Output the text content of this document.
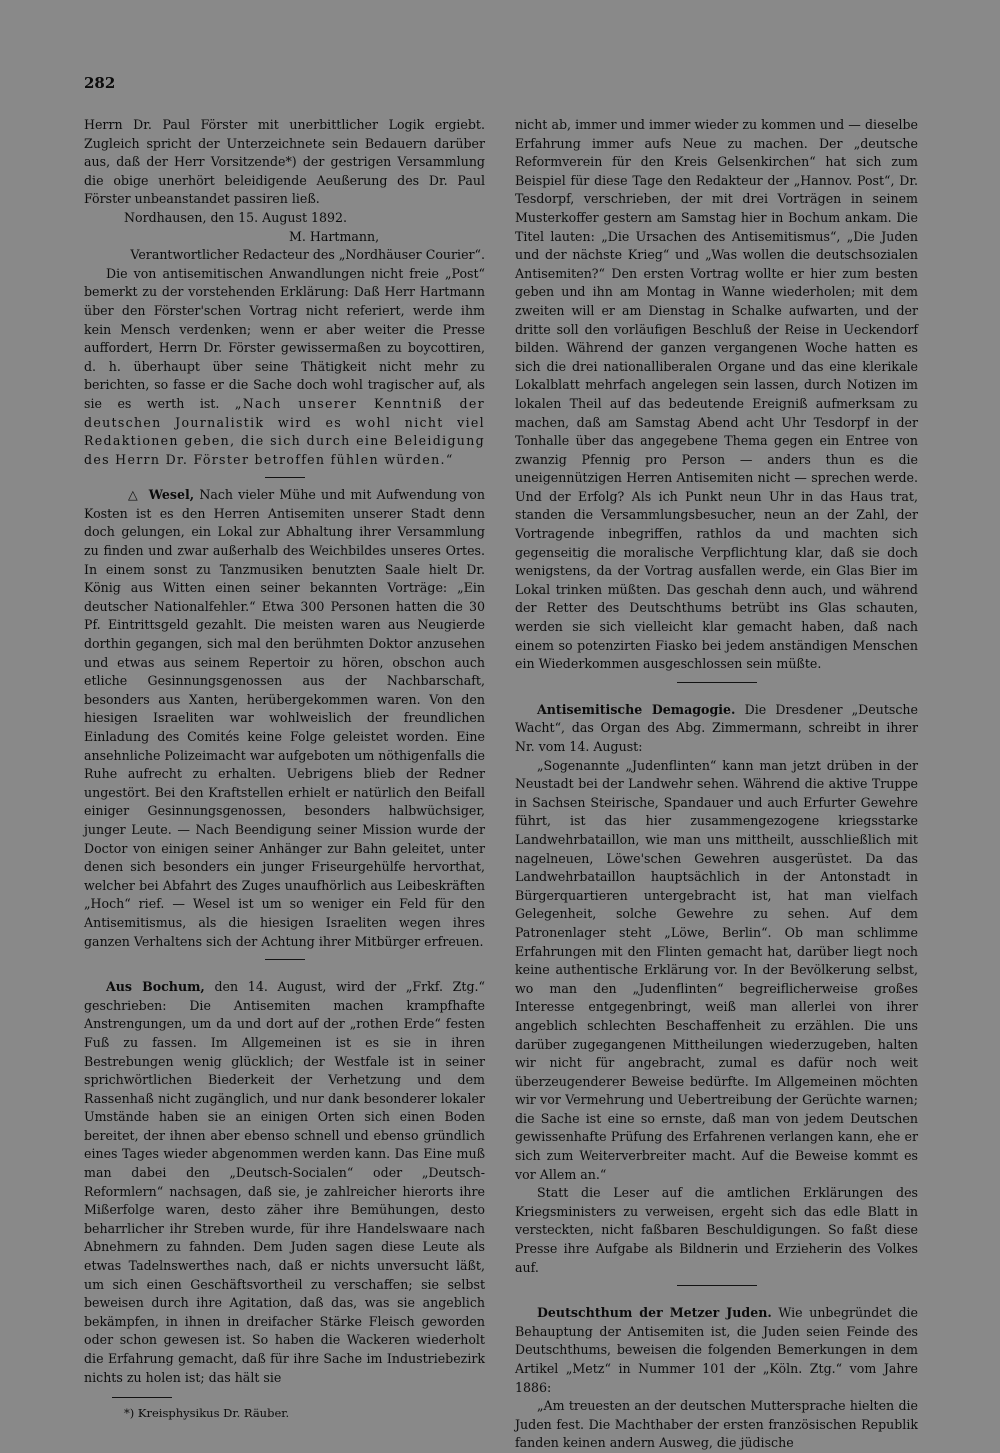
282

Herrn Dr. Paul Förster mit unerbittlicher Logik ergiebt. Zugleich spricht der Unterzeichnete sein Bedauern darüber aus, daß der Herr Vorsitzende*) der gestrigen Versammlung die obige unerhört beleidigende Aeußerung des Dr. Paul Förster unbeanstandet passiren ließ.

Nordhausen, den 15. August 1892.

M. Hartmann,

Verantwortlicher Redacteur des „Nordhäuser Courier“.

Die von antisemitischen Anwandlungen nicht freie „Post“ bemerkt zu der vorstehenden Erklärung: Daß Herr Hartmann über den Förster'schen Vortrag nicht referiert, werde ihm kein Mensch verdenken; wenn er aber weiter die Presse auffordert, Herrn Dr. Förster gewissermaßen zu boycottiren, d. h. überhaupt über seine Thätigkeit nicht mehr zu berichten, so fasse er die Sache doch wohl tragischer auf, als sie es werth ist. „Nach unserer Kenntniß der deutschen Journalistik wird es wohl nicht viel Redaktionen geben, die sich durch eine Beleidigung des Herrn Dr. Förster betroffen fühlen würden.“

△ Wesel, Nach vieler Mühe und mit Aufwendung von Kosten ist es den Herren Antisemiten unserer Stadt denn doch gelungen, ein Lokal zur Abhaltung ihrer Versammlung zu finden und zwar außerhalb des Weichbildes unseres Ortes. In einem sonst zu Tanzmusiken benutzten Saale hielt Dr. König aus Witten einen seiner bekannten Vorträge: „Ein deutscher Nationalfehler.“ Etwa 300 Personen hatten die 30 Pf. Eintrittsgeld gezahlt. Die meisten waren aus Neugierde dorthin gegangen, sich mal den berühmten Doktor anzusehen und etwas aus seinem Repertoir zu hören, obschon auch etliche Gesinnungsgenossen aus der Nachbarschaft, besonders aus Xanten, herübergekommen waren. Von den hiesigen Israeliten war wohlweislich der freundlichen Einladung des Comités keine Folge geleistet worden. Eine ansehnliche Polizeimacht war aufgeboten um nöthigenfalls die Ruhe aufrecht zu erhalten. Uebrigens blieb der Redner ungestört. Bei den Kraftstellen erhielt er natürlich den Beifall einiger Gesinnungsgenossen, besonders halbwüchsiger, junger Leute. — Nach Beendigung seiner Mission wurde der Doctor von einigen seiner Anhänger zur Bahn geleitet, unter denen sich besonders ein junger Friseurgehülfe hervorthat, welcher bei Abfahrt des Zuges unaufhörlich aus Leibeskräften „Hoch“ rief. — Wesel ist um so weniger ein Feld für den Antisemitismus, als die hiesigen Israeliten wegen ihres ganzen Verhaltens sich der Achtung ihrer Mitbürger erfreuen.

Aus Bochum, den 14. August, wird der „Frkf. Ztg.“ geschrieben: Die Antisemiten machen krampfhafte Anstrengungen, um da und dort auf der „rothen Erde“ festen Fuß zu fassen. Im Allgemeinen ist es sie in ihren Bestrebungen wenig glücklich; der Westfale ist in seiner sprichwörtlichen Biederkeit der Verhetzung und dem Rassenhaß nicht zugänglich, und nur dank besonderer lokaler Umstände haben sie an einigen Orten sich einen Boden bereitet, der ihnen aber ebenso schnell und ebenso gründlich eines Tages wieder abgenommen werden kann. Das Eine muß man dabei den „Deutsch-Socialen“ oder „Deutsch-Reformlern“ nachsagen, daß sie, je zahlreicher hierorts ihre Mißerfolge waren, desto zäher ihre Bemühungen, desto beharrlicher ihr Streben wurde, für ihre Handelswaare nach Abnehmern zu fahnden. Dem Juden sagen diese Leute als etwas Tadelnswerthes nach, daß er nichts unversucht läßt, um sich einen Geschäftsvortheil zu verschaffen; sie selbst beweisen durch ihre Agitation, daß das, was sie angeblich bekämpfen, in ihnen in dreifacher Stärke Fleisch geworden oder schon gewesen ist. So haben die Wackeren wiederholt die Erfahrung gemacht, daß für ihre Sache im Industriebezirk nichts zu holen ist; das hält sie

*) Kreisphysikus Dr. Räuber.

nicht ab, immer und immer wieder zu kommen und — dieselbe Erfahrung immer aufs Neue zu machen. Der „deutsche Reformverein für den Kreis Gelsenkirchen“ hat sich zum Beispiel für diese Tage den Redakteur der „Hannov. Post“, Dr. Tesdorpf, verschrieben, der mit drei Vorträgen in seinem Musterkoffer gestern am Samstag hier in Bochum ankam. Die Titel lauten: „Die Ursachen des Antisemitismus“, „Die Juden und der nächste Krieg“ und „Was wollen die deutschsozialen Antisemiten?“ Den ersten Vortrag wollte er hier zum besten geben und ihn am Montag in Wanne wiederholen; mit dem zweiten will er am Dienstag in Schalke aufwarten, und der dritte soll den vorläufigen Beschluß der Reise in Ueckendorf bilden. Während der ganzen vergangenen Woche hatten es sich die drei nationalliberalen Organe und das eine klerikale Lokalblatt mehrfach angelegen sein lassen, durch Notizen im lokalen Theil auf das bedeutende Ereigniß aufmerksam zu machen, daß am Samstag Abend acht Uhr Tesdorpf in der Tonhalle über das angegebene Thema gegen ein Entree von zwanzig Pfennig pro Person — anders thun es die uneigennützigen Herren Antisemiten nicht — sprechen werde. Und der Erfolg? Als ich Punkt neun Uhr in das Haus trat, standen die Versammlungsbesucher, neun an der Zahl, der Vortragende inbegriffen, rathlos da und machten sich gegenseitig die moralische Verpflichtung klar, daß sie doch wenigstens, da der Vortrag ausfallen werde, ein Glas Bier im Lokal trinken müßten. Das geschah denn auch, und während der Retter des Deutschthums betrübt ins Glas schauten, werden sie sich vielleicht klar gemacht haben, daß nach einem so potenzirten Fiasko bei jedem anständigen Menschen ein Wiederkommen ausgeschlossen sein müßte.

Antisemitische Demagogie. Die Dresdener „Deutsche Wacht“, das Organ des Abg. Zimmermann, schreibt in ihrer Nr. vom 14. August:

„Sogenannte „Judenflinten“ kann man jetzt drüben in der Neustadt bei der Landwehr sehen. Während die aktive Truppe in Sachsen Steirische, Spandauer und auch Erfurter Gewehre führt, ist das hier zusammengezogene kriegsstarke Landwehrbataillon, wie man uns mittheilt, ausschließlich mit nagelneuen, Löwe'schen Gewehren ausgerüstet. Da das Landwehrbataillon hauptsächlich in der Antonstadt in Bürgerquartieren untergebracht ist, hat man vielfach Gelegenheit, solche Gewehre zu sehen. Auf dem Patronenlager steht „Löwe, Berlin“. Ob man schlimme Erfahrungen mit den Flinten gemacht hat, darüber liegt noch keine authentische Erklärung vor. In der Bevölkerung selbst, wo man den „Judenflinten“ begreiflicherweise großes Interesse entgegenbringt, weiß man allerlei von ihrer angeblich schlechten Beschaffenheit zu erzählen. Die uns darüber zugegangenen Mittheilungen wiederzugeben, halten wir nicht für angebracht, zumal es dafür noch weit überzeugenderer Beweise bedürfte. Im Allgemeinen möchten wir vor Vermehrung und Uebertreibung der Gerüchte warnen; die Sache ist eine so ernste, daß man von jedem Deutschen gewissenhafte Prüfung des Erfahrenen verlangen kann, ehe er sich zum Weiterverbreiter macht. Auf die Beweise kommt es vor Allem an.“

Statt die Leser auf die amtlichen Erklärungen des Kriegsministers zu verweisen, ergeht sich das edle Blatt in versteckten, nicht faßbaren Beschuldigungen. So faßt diese Presse ihre Aufgabe als Bildnerin und Erzieherin des Volkes auf.

Deutschthum der Metzer Juden. Wie unbegründet die Behauptung der Antisemiten ist, die Juden seien Feinde des Deutschthums, beweisen die folgenden Bemerkungen in dem Artikel „Metz“ in Nummer 101 der „Köln. Ztg.“ vom Jahre 1886:

„Am treuesten an der deutschen Muttersprache hielten die Juden fest. Die Machthaber der ersten französischen Republik fanden keinen andern Ausweg, die jüdische
